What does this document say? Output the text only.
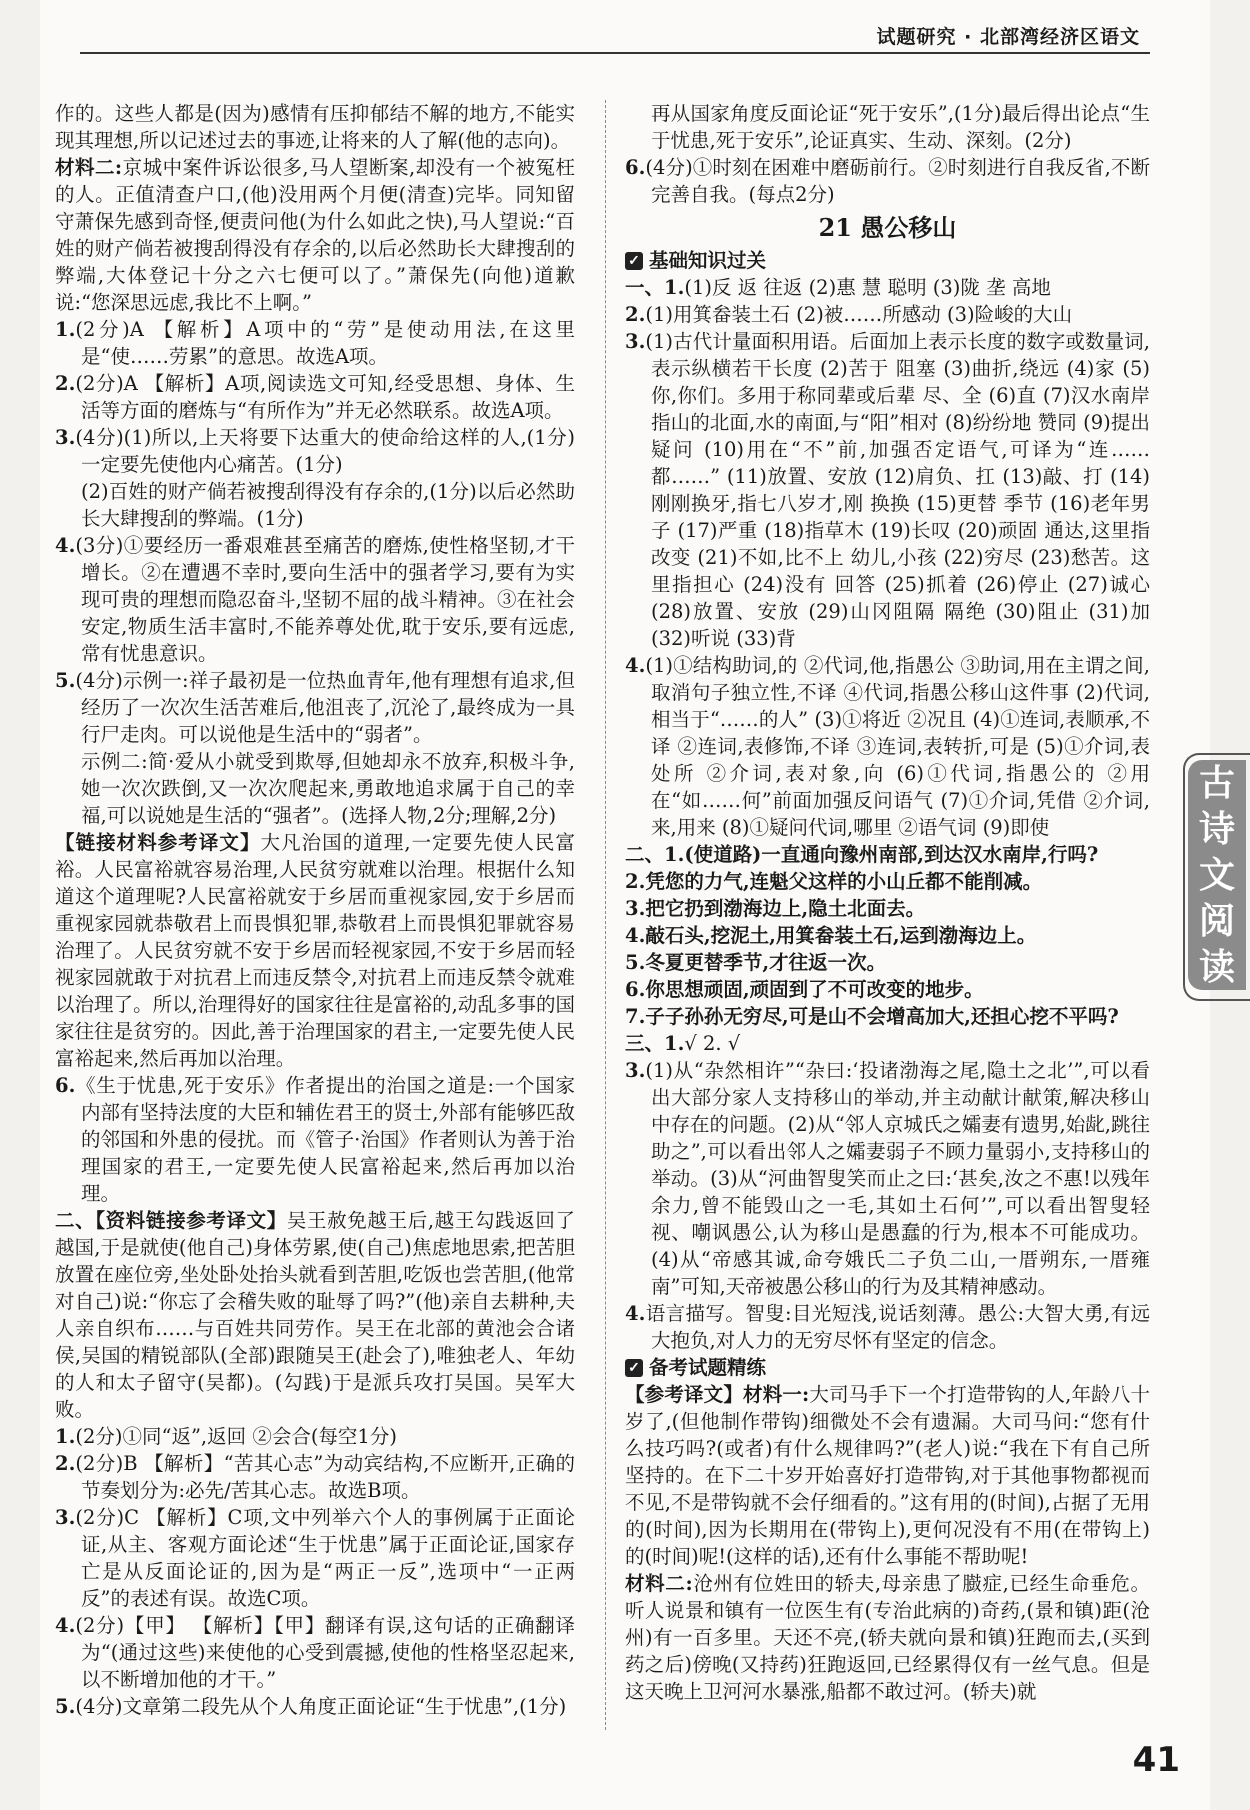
试题研究 · 北部湾经济区语文

作的。这些人都是(因为)感情有压抑郁结不解的地方,不能实现其理想,所以记述过去的事迹,让将来的人了解(他的志向)。

材料二:京城中案件诉讼很多,马人望断案,却没有一个被冤枉的人。正值清查户口,(他)没用两个月便(清查)完毕。同知留守萧保先感到奇怪,便责问他(为什么如此之快),马人望说:“百姓的财产倘若被搜刮得没有存余的,以后必然助长大肆搜刮的弊端,大体登记十分之六七便可以了。”萧保先(向他)道歉说:“您深思远虑,我比不上啊。”

1.(2分)A 【解析】A项中的“劳”是使动用法,在这里是“使……劳累”的意思。故选A项。

2.(2分)A 【解析】A项,阅读选文可知,经受思想、身体、生活等方面的磨炼与“有所作为”并无必然联系。故选A项。

3.(4分)(1)所以,上天将要下达重大的使命给这样的人,(1分)一定要先使他内心痛苦。(1分)

(2)百姓的财产倘若被搜刮得没有存余的,(1分)以后必然助长大肆搜刮的弊端。(1分)

4.(3分)①要经历一番艰难甚至痛苦的磨炼,使性格坚韧,才干增长。②在遭遇不幸时,要向生活中的强者学习,要有为实现可贵的理想而隐忍奋斗,坚韧不屈的战斗精神。③在社会安定,物质生活丰富时,不能养尊处优,耽于安乐,要有远虑,常有忧患意识。

5.(4分)示例一:祥子最初是一位热血青年,他有理想有追求,但经历了一次次生活苦难后,他沮丧了,沉沦了,最终成为一具行尸走肉。可以说他是生活中的“弱者”。

示例二:简·爱从小就受到欺辱,但她却永不放弃,积极斗争,她一次次跌倒,又一次次爬起来,勇敢地追求属于自己的幸福,可以说她是生活的“强者”。(选择人物,2分;理解,2分)

【链接材料参考译文】大凡治国的道理,一定要先使人民富裕。人民富裕就容易治理,人民贫穷就难以治理。根据什么知道这个道理呢?人民富裕就安于乡居而重视家园,安于乡居而重视家园就恭敬君上而畏惧犯罪,恭敬君上而畏惧犯罪就容易治理了。人民贫穷就不安于乡居而轻视家园,不安于乡居而轻视家园就敢于对抗君上而违反禁令,对抗君上而违反禁令就难以治理了。所以,治理得好的国家往往是富裕的,动乱多事的国家往往是贫穷的。因此,善于治理国家的君主,一定要先使人民富裕起来,然后再加以治理。

6.《生于忧患,死于安乐》作者提出的治国之道是:一个国家内部有坚持法度的大臣和辅佐君王的贤士,外部有能够匹敌的邻国和外患的侵扰。而《管子·治国》作者则认为善于治理国家的君王,一定要先使人民富裕起来,然后再加以治理。

二、【资料链接参考译文】吴王赦免越王后,越王勾践返回了越国,于是就使(他自己)身体劳累,使(自己)焦虑地思索,把苦胆放置在座位旁,坐处卧处抬头就看到苦胆,吃饭也尝苦胆,(他常对自己)说:“你忘了会稽失败的耻辱了吗?”(他)亲自去耕种,夫人亲自织布……与百姓共同劳作。吴王在北部的黄池会合诸侯,吴国的精锐部队(全部)跟随吴王(赴会了),唯独老人、年幼的人和太子留守(吴都)。(勾践)于是派兵攻打吴国。吴军大败。

1.(2分)①同“返”,返回 ②会合(每空1分)

2.(2分)B 【解析】“苦其心志”为动宾结构,不应断开,正确的节奏划分为:必先/苦其心志。故选B项。

3.(2分)C 【解析】C项,文中列举六个人的事例属于正面论证,从主、客观方面论述“生于忧患”属于正面论证,国家存亡是从反面论证的,因为是“两正一反”,选项中“一正两反”的表述有误。故选C项。

4.(2分)【甲】 【解析】【甲】翻译有误,这句话的正确翻译为“(通过这些)来使他的心受到震撼,使他的性格坚忍起来,以不断增加他的才干。”

5.(4分)文章第二段先从个人角度正面论证“生于忧患”,(1分)

再从国家角度反面论证“死于安乐”,(1分)最后得出论点“生于忧患,死于安乐”,论证真实、生动、深刻。(2分)

6.(4分)①时刻在困难中磨砺前行。②时刻进行自我反省,不断完善自我。(每点2分)

21 愚公移山

✓ 基础知识过关

一、1.(1)反 返 往返 (2)惠 慧 聪明 (3)陇 垄 高地

2.(1)用箕畚装土石 (2)被……所感动 (3)险峻的大山

3.(1)古代计量面积用语。后面加上表示长度的数字或数量词,表示纵横若干长度 (2)苦于 阻塞 (3)曲折,绕远 (4)家 (5)你,你们。多用于称同辈或后辈 尽、全 (6)直 (7)汉水南岸 指山的北面,水的南面,与“阳”相对 (8)纷纷地 赞同 (9)提出疑问 (10)用在“不”前,加强否定语气,可译为“连……都……” (11)放置、安放 (12)肩负、扛 (13)敲、打 (14)刚刚换牙,指七八岁才,刚 换换 (15)更替 季节 (16)老年男子 (17)严重 (18)指草木 (19)长叹 (20)顽固 通达,这里指改变 (21)不如,比不上 幼儿,小孩 (22)穷尽 (23)愁苦。这里指担心 (24)没有 回答 (25)抓着 (26)停止 (27)诚心 (28)放置、安放 (29)山冈阻隔 隔绝 (30)阻止 (31)加 (32)听说 (33)背

4.(1)①结构助词,的 ②代词,他,指愚公 ③助词,用在主谓之间,取消句子独立性,不译 ④代词,指愚公移山这件事 (2)代词,相当于“……的人” (3)①将近 ②况且 (4)①连词,表顺承,不译 ②连词,表修饰,不译 ③连词,表转折,可是 (5)①介词,表处所 ②介词,表对象,向 (6)①代词,指愚公的 ②用在“如……何”前面加强反问语气 (7)①介词,凭借 ②介词,来,用来 (8)①疑问代词,哪里 ②语气词 (9)即使

二、1.(使道路)一直通向豫州南部,到达汉水南岸,行吗?

2.凭您的力气,连魁父这样的小山丘都不能削减。

3.把它扔到渤海边上,隐土北面去。

4.敲石头,挖泥土,用箕畚装土石,运到渤海边上。

5.冬夏更替季节,才往返一次。

6.你思想顽固,顽固到了不可改变的地步。

7.子子孙孙无穷尽,可是山不会增高加大,还担心挖不平吗?

三、1.√ 2. √

3.(1)从“杂然相许”“杂曰:‘投诸渤海之尾,隐土之北’”,可以看出大部分家人支持移山的举动,并主动献计献策,解决移山中存在的问题。(2)从“邻人京城氏之孀妻有遗男,始龀,跳往助之”,可以看出邻人之孀妻弱子不顾力量弱小,支持移山的举动。(3)从“河曲智叟笑而止之曰:‘甚矣,汝之不惠!以残年余力,曾不能毁山之一毛,其如土石何’”,可以看出智叟轻视、嘲讽愚公,认为移山是愚蠢的行为,根本不可能成功。(4)从“帝感其诚,命夸娥氏二子负二山,一厝朔东,一厝雍南”可知,天帝被愚公移山的行为及其精神感动。

4.语言描写。智叟:目光短浅,说话刻薄。愚公:大智大勇,有远大抱负,对人力的无穷尽怀有坚定的信念。

✓ 备考试题精练

【参考译文】材料一:大司马手下一个打造带钩的人,年龄八十岁了,(但他制作带钩)细微处不会有遗漏。大司马问:“您有什么技巧吗?(或者)有什么规律吗?”(老人)说:“我在下有自己所坚持的。在下二十岁开始喜好打造带钩,对于其他事物都视而不见,不是带钩就不会仔细看的。”这有用的(时间),占据了无用的(时间),因为长期用在(带钩上),更何况没有不用(在带钩上)的(时间)呢!(这样的话),还有什么事能不帮助呢!

材料二:沧州有位姓田的轿夫,母亲患了臌症,已经生命垂危。听人说景和镇有一位医生有(专治此病的)奇药,(景和镇)距(沧州)有一百多里。天还不亮,(轿夫就向景和镇)狂跑而去,(买到药之后)傍晚(又持药)狂跑返回,已经累得仅有一丝气息。但是这天晚上卫河河水暴涨,船都不敢过河。(轿夫)就

古
诗
文
阅
读
41
